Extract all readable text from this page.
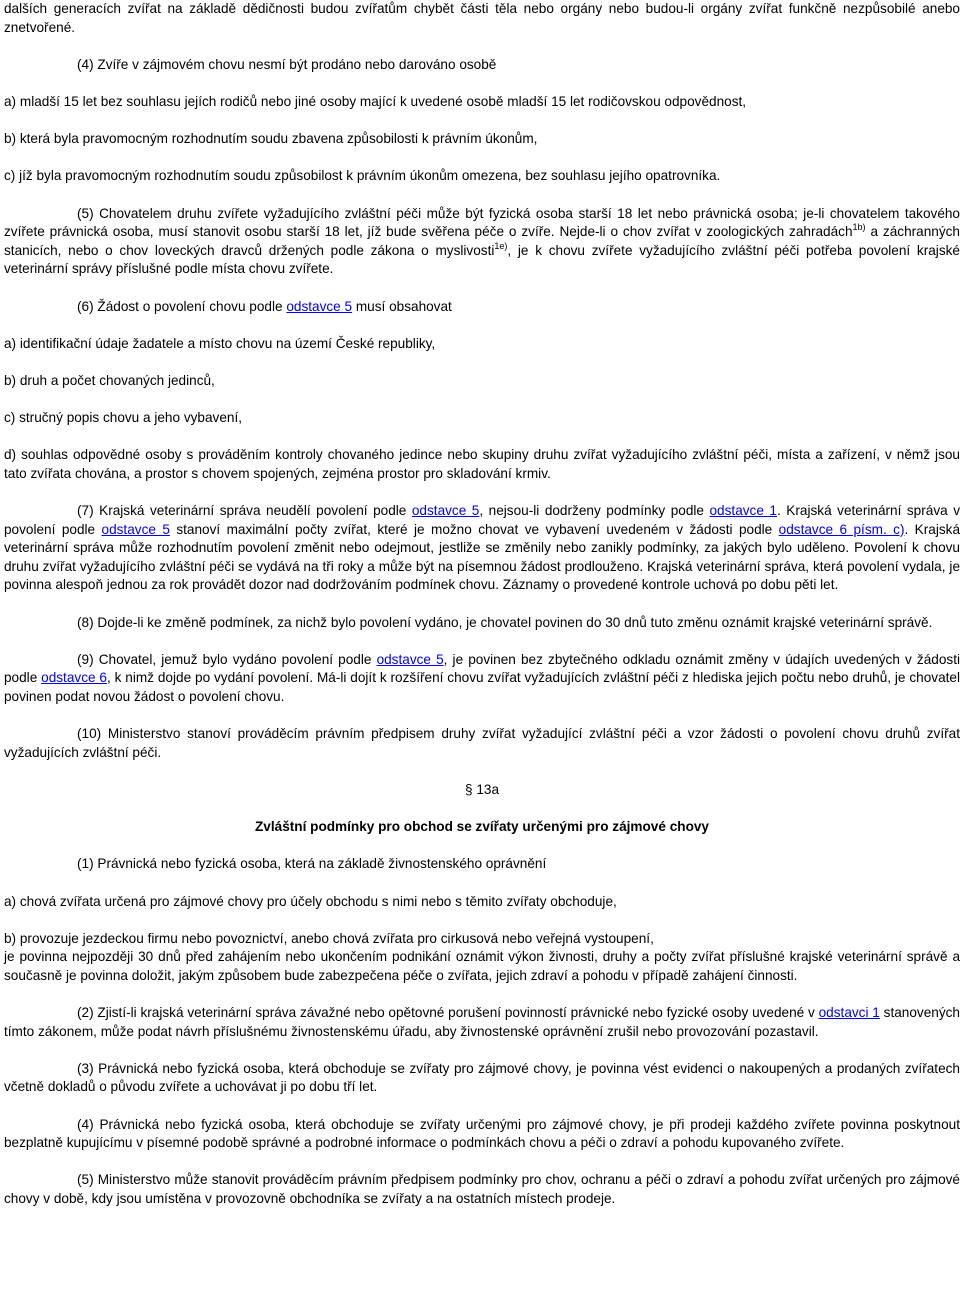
dalších generacích zvířat na základě dědičnosti budou zvířatům chybět části těla nebo orgány nebo budou-li orgány zvířat funkčně nezpůsobilé anebo znetvořené.

(4) Zvíře v zájmovém chovu nesmí být prodáno nebo darováno osobě

a) mladší 15 let bez souhlasu jejích rodičů nebo jiné osoby mající k uvedené osobě mladší 15 let rodičovskou odpovědnost,

b) která byla pravomocným rozhodnutím soudu zbavena způsobilosti k právním úkonům,

c) jíž byla pravomocným rozhodnutím soudu způsobilost k právním úkonům omezena, bez souhlasu jejího opatrovníka.

(5) Chovatelem druhu zvířete vyžadujícího zvláštní péči může být fyzická osoba starší 18 let nebo právnická osoba; je-li chovatelem takového zvířete právnická osoba, musí stanovit osobu starší 18 let, jíž bude svěřena péče o zvíře. Nejde-li o chov zvířat v zoologických zahradách$^{1b)}$ a záchranných stanicích, nebo o chov loveckých dravců držených podle zákona o myslivosti$^{1e)}$, je k chovu zvířete vyžadujícího zvláštní péči potřeba povolení krajské veterinární správy příslušné podle místa chovu zvířete.

(6) Žádost o povolení chovu podle odstavce 5 musí obsahovat

a) identifikační údaje žadatele a místo chovu na území České republiky,

b) druh a počet chovaných jedinců,

c) stručný popis chovu a jeho vybavení,

d) souhlas odpovědné osoby s prováděním kontroly chovaného jedince nebo skupiny druhu zvířat vyžadujícího zvláštní péči, místa a zařízení, v němž jsou tato zvířata chována, a prostor s chovem spojených, zejména prostor pro skladování krmiv.

(7) Krajská veterinární správa neudělí povolení podle odstavce 5, nejsou-li dodrženy podmínky podle odstavce 1. Krajská veterinární správa v povolení podle odstavce 5 stanoví maximální počty zvířat, které je možno chovat ve vybavení uvedeném v žádosti podle odstavce 6 písm. c). Krajská veterinární správa může rozhodnutím povolení změnit nebo odejmout, jestliže se změnily nebo zanikly podmínky, za jakých bylo uděleno. Povolení k chovu druhu zvířat vyžadujícího zvláštní péči se vydává na tři roky a může být na písemnou žádost prodlouženo. Krajská veterinární správa, která povolení vydala, je povinna alespoň jednou za rok provádět dozor nad dodržováním podmínek chovu. Záznamy o provedené kontrole uchová po dobu pěti let.

(8) Dojde-li ke změně podmínek, za nichž bylo povolení vydáno, je chovatel povinen do 30 dnů tuto změnu oznámit krajské veterinární správě.

(9) Chovatel, jemuž bylo vydáno povolení podle odstavce 5, je povinen bez zbytečného odkladu oznámit změny v údajích uvedených v žádosti podle odstavce 6, k nimž dojde po vydání povolení. Má-li dojít k rozšíření chovu zvířat vyžadujících zvláštní péči z hlediska jejich počtu nebo druhů, je chovatel povinen podat novou žádost o povolení chovu.

(10) Ministerstvo stanoví prováděcím právním předpisem druhy zvířat vyžadující zvláštní péči a vzor žádosti o povolení chovu druhů zvířat vyžadujících zvláštní péči.

§ 13a

Zvláštní podmínky pro obchod se zvířaty určenými pro zájmové chovy

(1) Právnická nebo fyzická osoba, která na základě živnostenského oprávnění

a) chová zvířata určená pro zájmové chovy pro účely obchodu s nimi nebo s těmito zvířaty obchoduje,

b) provozuje jezdeckou firmu nebo povoznictví, anebo chová zvířata pro cirkusová nebo veřejná vystoupení,

je povinna nejpozději 30 dnů před zahájením nebo ukončením podnikání oznámit výkon živnosti, druhy a počty zvířat příslušné krajské veterinární správě a současně je povinna doložit, jakým způsobem bude zabezpečena péče o zvířata, jejich zdraví a pohodu v případě zahájení činnosti.

(2) Zjistí-li krajská veterinární správa závažné nebo opětovné porušení povinností právnické nebo fyzické osoby uvedené v odstavci 1 stanovených tímto zákonem, může podat návrh příslušnému živnostenskému úřadu, aby živnostenské oprávnění zrušil nebo provozování pozastavil.

(3) Právnická nebo fyzická osoba, která obchoduje se zvířaty pro zájmové chovy, je povinna vést evidenci o nakoupených a prodaných zvířatech včetně dokladů o původu zvířete a uchovávat ji po dobu tří let.

(4) Právnická nebo fyzická osoba, která obchoduje se zvířaty určenými pro zájmové chovy, je při prodeji každého zvířete povinna poskytnout bezplatně kupujícímu v písemné podobě správné a podrobné informace o podmínkách chovu a péči o zdraví a pohodu kupovaného zvířete.

(5) Ministerstvo může stanovit prováděcím právním předpisem podmínky pro chov, ochranu a péči o zdraví a pohodu zvířat určených pro zájmové chovy v době, kdy jsou umístěna v provozovně obchodníka se zvířaty a na ostatních místech prodeje.
